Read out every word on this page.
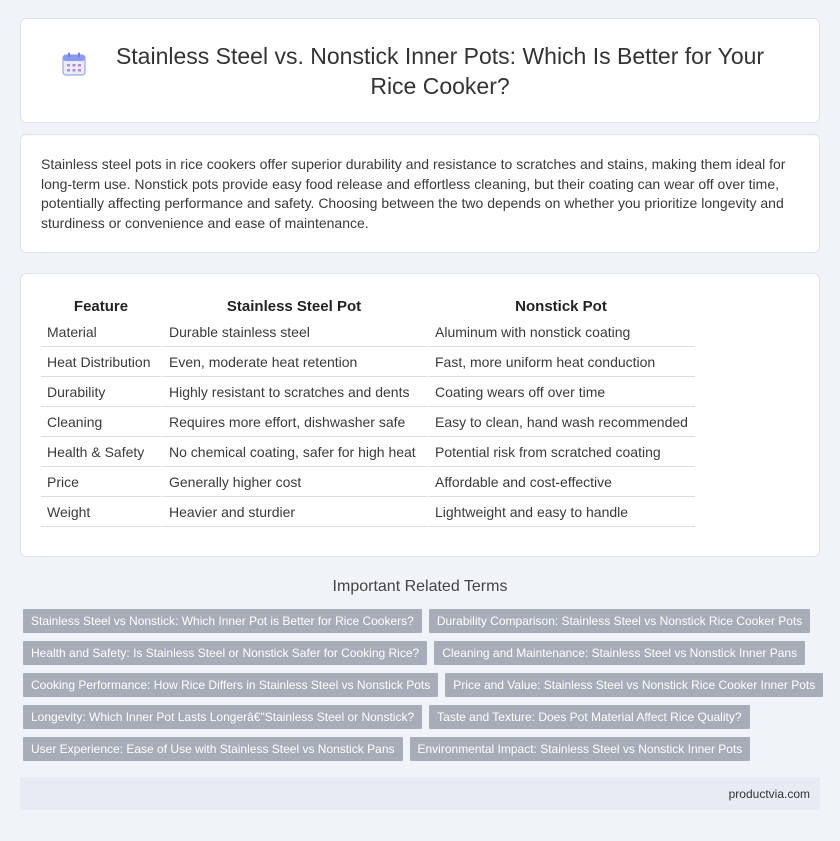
Stainless Steel vs. Nonstick Inner Pots: Which Is Better for Your Rice Cooker?

Stainless steel pots in rice cookers offer superior durability and resistance to scratches and stains, making them ideal for long-term use. Nonstick pots provide easy food release and effortless cleaning, but their coating can wear off over time, potentially affecting performance and safety. Choosing between the two depends on whether you prioritize longevity and sturdiness or convenience and ease of maintenance.

Feature	Stainless Steel Pot	Nonstick Pot
Material	Durable stainless steel	Aluminum with nonstick coating
Heat Distribution	Even, moderate heat retention	Fast, more uniform heat conduction
Durability	Highly resistant to scratches and dents	Coating wears off over time
Cleaning	Requires more effort, dishwasher safe	Easy to clean, hand wash recommended
Health & Safety	No chemical coating, safer for high heat	Potential risk from scratched coating
Price	Generally higher cost	Affordable and cost-effective
Weight	Heavier and sturdier	Lightweight and easy to handle
Important Related Terms
Stainless Steel vs Nonstick: Which Inner Pot is Better for Rice Cookers?	Durability Comparison: Stainless Steel vs Nonstick Rice Cooker Pots
Health and Safety: Is Stainless Steel or Nonstick Safer for Cooking Rice?	Cleaning and Maintenance: Stainless Steel vs Nonstick Inner Pans
Cooking Performance: How Rice Differs in Stainless Steel vs Nonstick Pots	Price and Value: Stainless Steel vs Nonstick Rice Cooker Inner Pots
Longevity: Which Inner Pot Lasts Longerâ€"Stainless Steel or Nonstick?	Taste and Texture: Does Pot Material Affect Rice Quality?
User Experience: Ease of Use with Stainless Steel vs Nonstick Pans	Environmental Impact: Stainless Steel vs Nonstick Inner Pots
productvia.com
